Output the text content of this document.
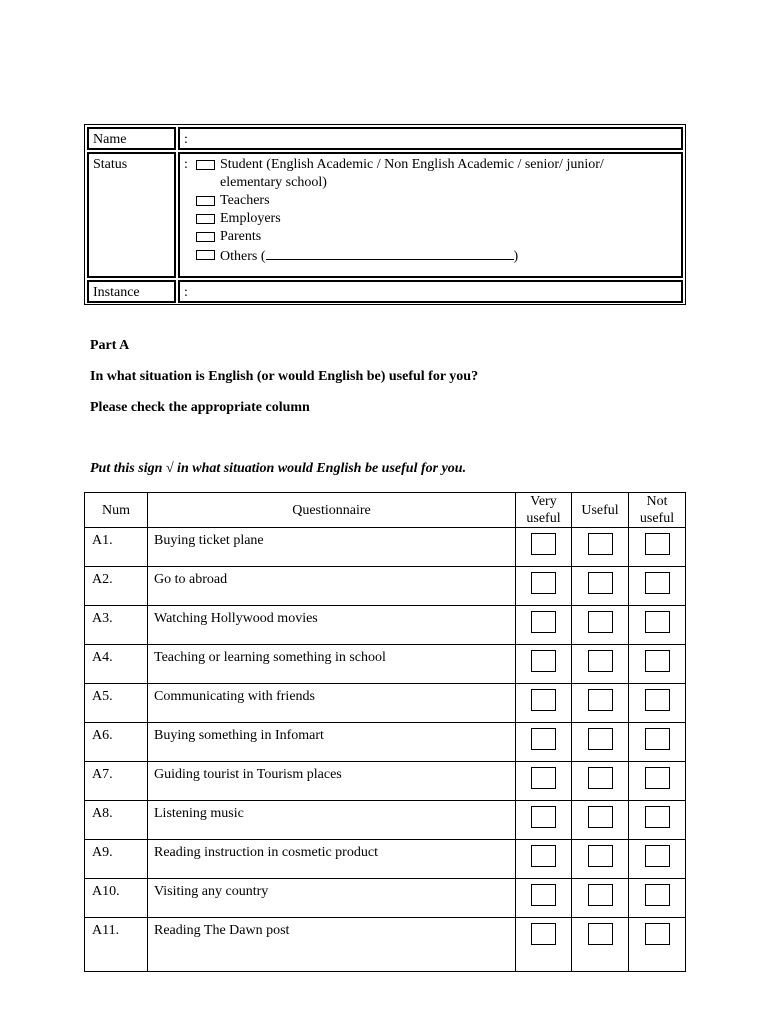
Name	:
Status	: Student (English Academic / Non English Academic / senior/ junior/
elementary school)
Teachers
Employers
Parents
Others (	)
Instance	:
Part A
In what situation is English (or would English be) useful for you?
Please check the appropriate column
Put this sign √ in what situation would English be useful for you.
Num	Questionnaire	Very useful	Useful	Not useful
A1.	Buying ticket plane			
A2.	Go to abroad			
A3.	Watching Hollywood movies			
A4.	Teaching or learning something in school			
A5.	Communicating with friends			
A6.	Buying something in Infomart			
A7.	Guiding tourist in Tourism places			
A8.	Listening music			
A9.	Reading instruction in cosmetic product			
A10.	Visiting any country			
A11.	Reading The Dawn post			
